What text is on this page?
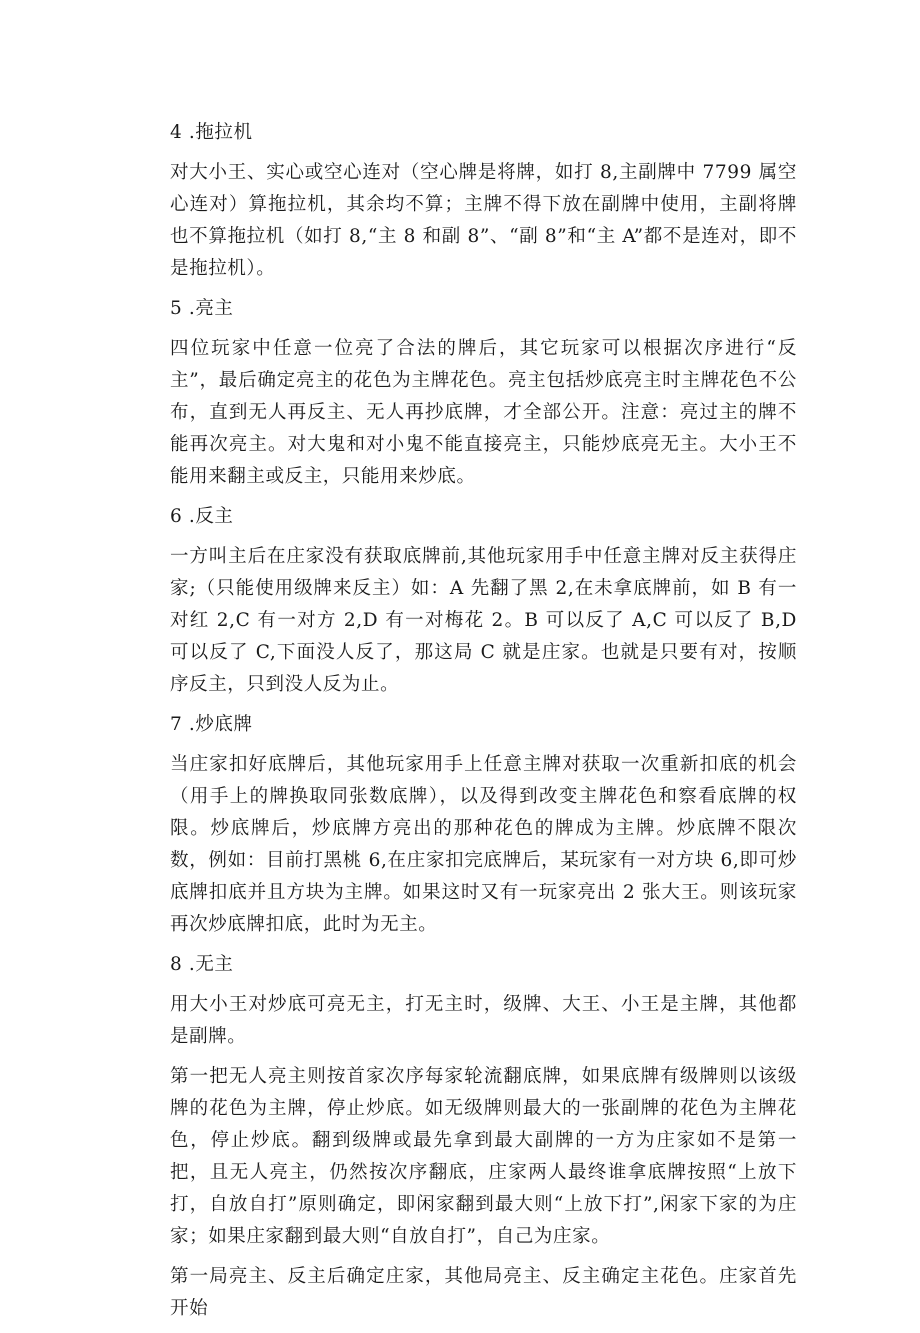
4 .拖拉机
对大小王、实心或空心连对（空心牌是将牌，如打 8,主副牌中 7799 属空心连对）算拖拉机，其余均不算；主牌不得下放在副牌中使用，主副将牌也不算拖拉机（如打 8,“主 8 和副 8”、“副 8”和“主 A”都不是连对，即不是拖拉机）。
5 .亮主
四位玩家中任意一位亮了合法的牌后，其它玩家可以根据次序进行“反主”，最后确定亮主的花色为主牌花色。亮主包括炒底亮主时主牌花色不公布，直到无人再反主、无人再抄底牌，才全部公开。注意：亮过主的牌不能再次亮主。对大鬼和对小鬼不能直接亮主，只能炒底亮无主。大小王不能用来翻主或反主，只能用来炒底。
6 .反主
一方叫主后在庄家没有获取底牌前,其他玩家用手中任意主牌对反主获得庄家;（只能使用级牌来反主）如：A 先翻了黑 2,在未拿底牌前，如 B 有一对红 2,C 有一对方 2,D 有一对梅花 2。B 可以反了 A,C 可以反了 B,D 可以反了 C,下面没人反了，那这局 C 就是庄家。也就是只要有对，按顺序反主，只到没人反为止。
7 .炒底牌
当庄家扣好底牌后，其他玩家用手上任意主牌对获取一次重新扣底的机会（用手上的牌换取同张数底牌），以及得到改变主牌花色和察看底牌的权限。炒底牌后，炒底牌方亮出的那种花色的牌成为主牌。炒底牌不限次数，例如：目前打黑桃 6,在庄家扣完底牌后，某玩家有一对方块 6,即可炒底牌扣底并且方块为主牌。如果这时又有一玩家亮出 2 张大王。则该玩家再次炒底牌扣底，此时为无主。
8 .无主
用大小王对炒底可亮无主，打无主时，级牌、大王、小王是主牌，其他都是副牌。
第一把无人亮主则按首家次序每家轮流翻底牌，如果底牌有级牌则以该级牌的花色为主牌，停止炒底。如无级牌则最大的一张副牌的花色为主牌花色，停止炒底。翻到级牌或最先拿到最大副牌的一方为庄家如不是第一把，且无人亮主，仍然按次序翻底，庄家两人最终谁拿底牌按照“上放下打，自放自打”原则确定，即闲家翻到最大则“上放下打”,闲家下家的为庄家；如果庄家翻到最大则“自放自打”，自己为庄家。
第一局亮主、反主后确定庄家，其他局亮主、反主确定主花色。庄家首先开始
